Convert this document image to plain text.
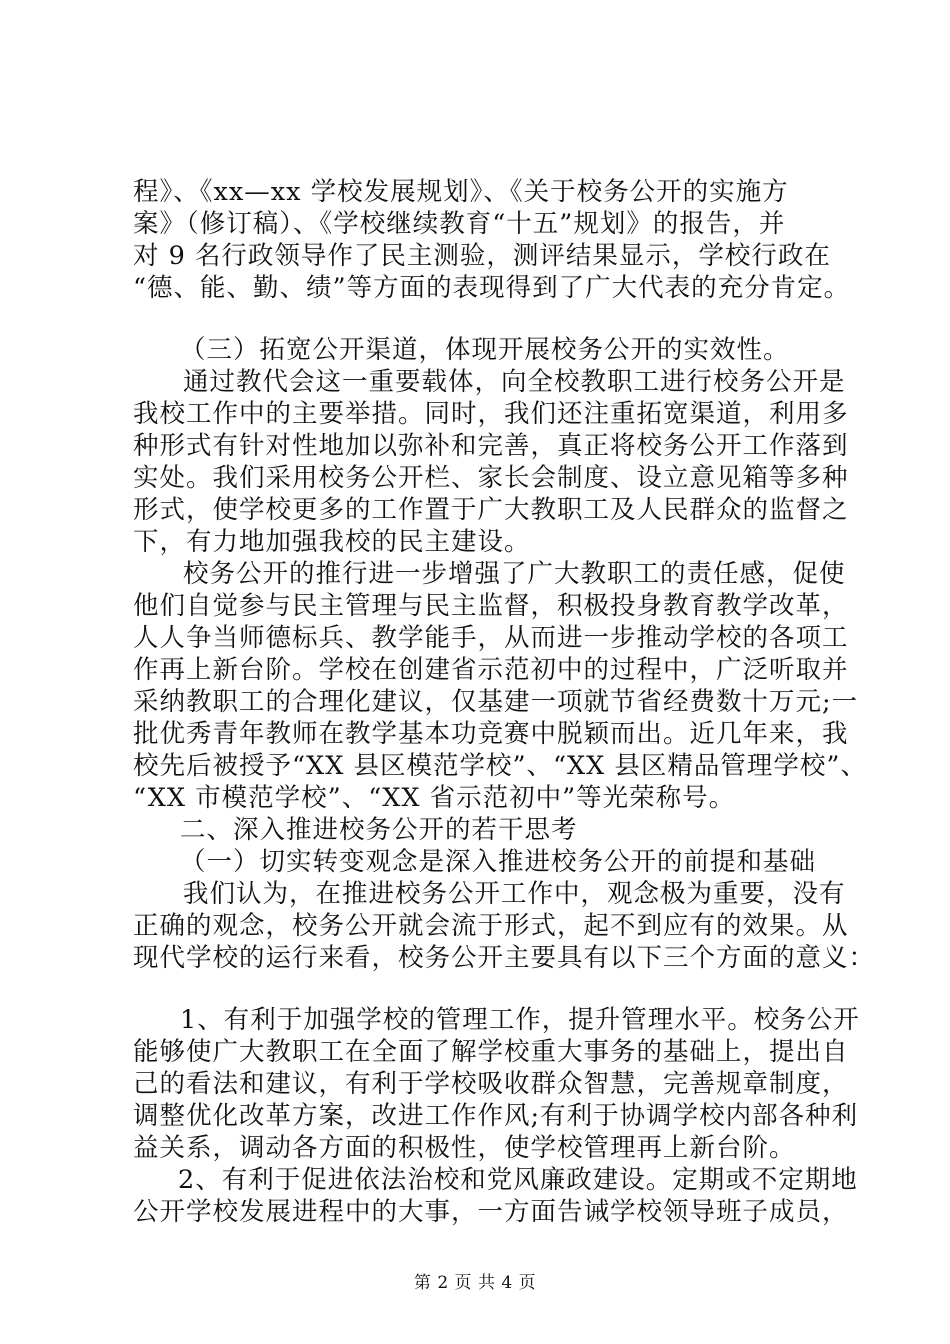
程》、《xx—xx 学校发展规划》、《关于校务公开的实施方
案》（修订稿）、《学校继续教育“十五”规划》的报告，并
对 9 名行政领导作了民主测验，测评结果显示，学校行政在
“德、能、勤、绩”等方面的表现得到了广大代表的充分肯定。
（三）拓宽公开渠道，体现开展校务公开的实效性。
通过教代会这一重要载体，向全校教职工进行校务公开是
我校工作中的主要举措。同时，我们还注重拓宽渠道，利用多
种形式有针对性地加以弥补和完善，真正将校务公开工作落到
实处。我们采用校务公开栏、家长会制度、设立意见箱等多种
形式，使学校更多的工作置于广大教职工及人民群众的监督之
下，有力地加强我校的民主建设。
校务公开的推行进一步增强了广大教职工的责任感，促使
他们自觉参与民主管理与民主监督，积极投身教育教学改革，
人人争当师德标兵、教学能手，从而进一步推动学校的各项工
作再上新台阶。学校在创建省示范初中的过程中，广泛听取并
采纳教职工的合理化建议，仅基建一项就节省经费数十万元;一
批优秀青年教师在教学基本功竞赛中脱颖而出。近几年来，我
校先后被授予“XX 县区模范学校”、“XX 县区精品管理学校”、
“XX 市模范学校”、“XX 省示范初中”等光荣称号。
二、深入推进校务公开的若干思考
（一）切实转变观念是深入推进校务公开的前提和基础
我们认为，在推进校务公开工作中，观念极为重要，没有
正确的观念，校务公开就会流于形式，起不到应有的效果。从
现代学校的运行来看，校务公开主要具有以下三个方面的意义：
1、有利于加强学校的管理工作，提升管理水平。校务公开
能够使广大教职工在全面了解学校重大事务的基础上，提出自
己的看法和建议，有利于学校吸收群众智慧，完善规章制度，
调整优化改革方案，改进工作作风;有利于协调学校内部各种利
益关系，调动各方面的积极性，使学校管理再上新台阶。
2、有利于促进依法治校和党风廉政建设。定期或不定期地
公开学校发展进程中的大事，一方面告诫学校领导班子成员，
第 2 页 共 4 页
